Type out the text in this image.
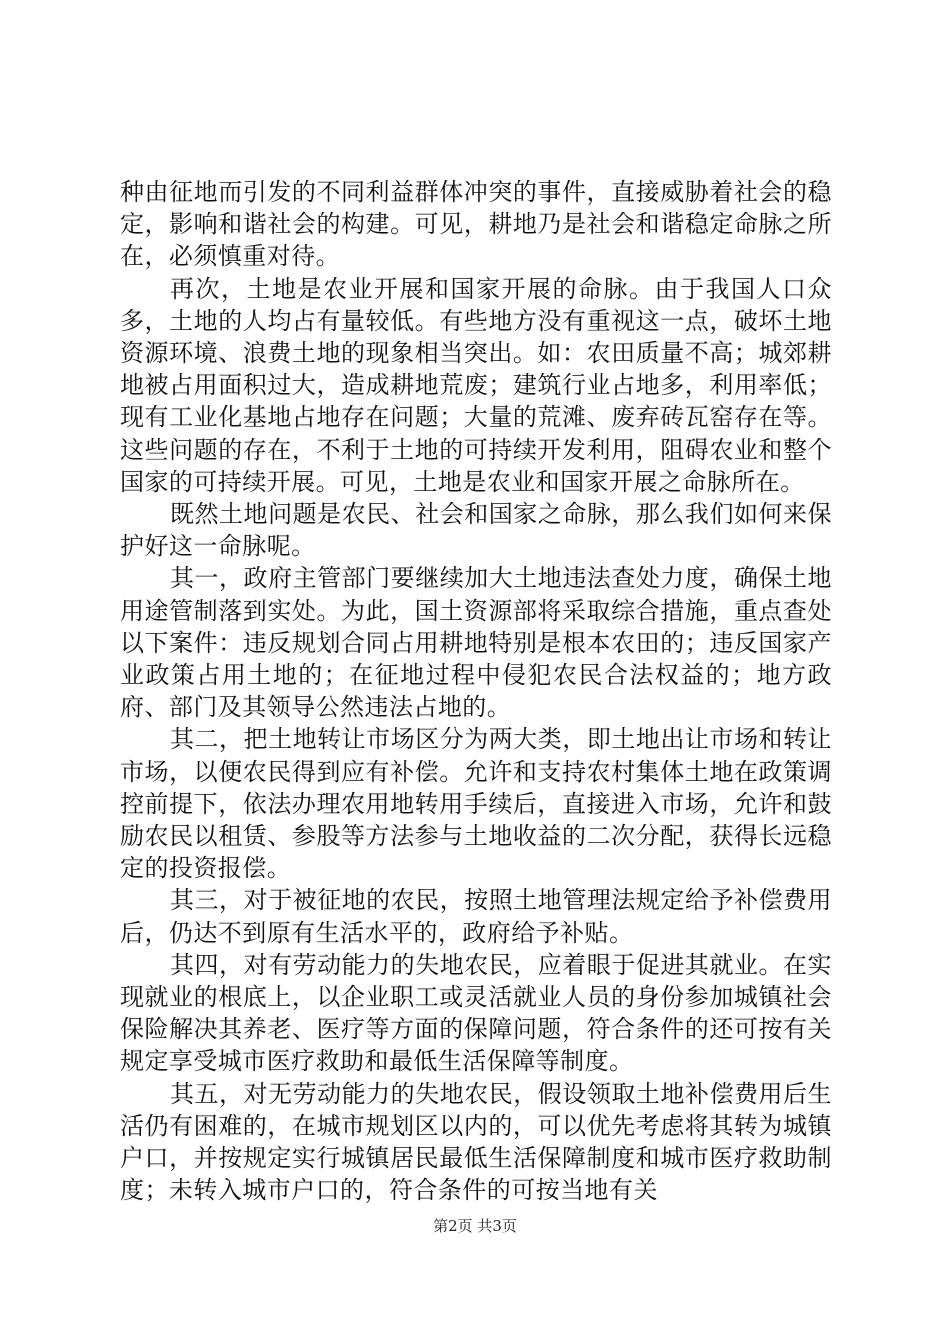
种由征地而引发的不同利益群体冲突的事件，直接威胁着社会的稳定，影响和谐社会的构建。可见，耕地乃是社会和谐稳定命脉之所在，必须慎重对待。

再次，土地是农业开展和国家开展的命脉。由于我国人口众多，土地的人均占有量较低。有些地方没有重视这一点，破坏土地资源环境、浪费土地的现象相当突出。如：农田质量不高；城郊耕地被占用面积过大，造成耕地荒废；建筑行业占地多，利用率低；现有工业化基地占地存在问题；大量的荒滩、废弃砖瓦窑存在等。这些问题的存在，不利于土地的可持续开发利用，阻碍农业和整个国家的可持续开展。可见，土地是农业和国家开展之命脉所在。

既然土地问题是农民、社会和国家之命脉，那么我们如何来保护好这一命脉呢。

其一，政府主管部门要继续加大土地违法查处力度，确保土地用途管制落到实处。为此，国土资源部将采取综合措施，重点查处以下案件：违反规划合同占用耕地特别是根本农田的；违反国家产业政策占用土地的；在征地过程中侵犯农民合法权益的；地方政府、部门及其领导公然违法占地的。

其二，把土地转让市场区分为两大类，即土地出让市场和转让市场，以便农民得到应有补偿。允许和支持农村集体土地在政策调控前提下，依法办理农用地转用手续后，直接进入市场，允许和鼓励农民以租赁、参股等方法参与土地收益的二次分配，获得长远稳定的投资报偿。

其三，对于被征地的农民，按照土地管理法规定给予补偿费用后，仍达不到原有生活水平的，政府给予补贴。

其四，对有劳动能力的失地农民，应着眼于促进其就业。在实现就业的根底上，以企业职工或灵活就业人员的身份参加城镇社会保险解决其养老、医疗等方面的保障问题，符合条件的还可按有关规定享受城市医疗救助和最低生活保障等制度。

其五，对无劳动能力的失地农民，假设领取土地补偿费用后生活仍有困难的，在城市规划区以内的，可以优先考虑将其转为城镇户口，并按规定实行城镇居民最低生活保障制度和城市医疗救助制度；未转入城市户口的，符合条件的可按当地有关

第2页 共3页
